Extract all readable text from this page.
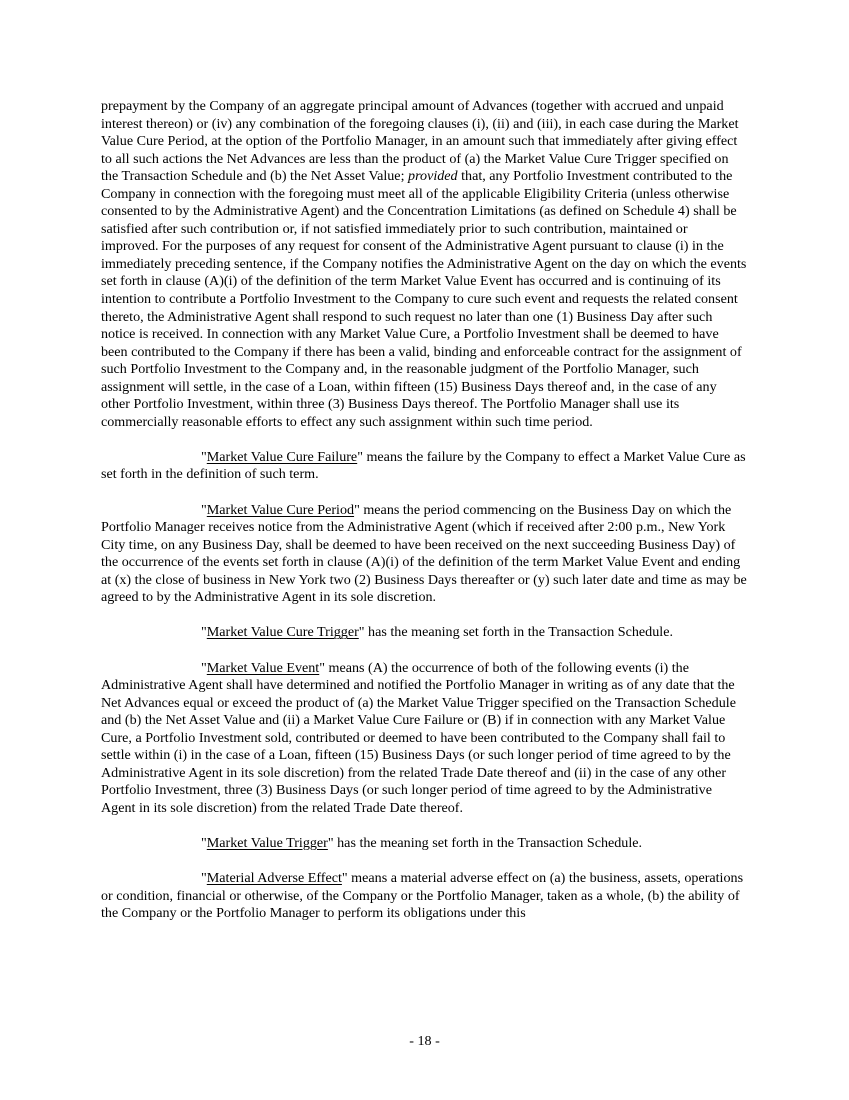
prepayment by the Company of an aggregate principal amount of Advances (together with accrued and unpaid interest thereon) or (iv) any combination of the foregoing clauses (i), (ii) and (iii), in each case during the Market Value Cure Period, at the option of the Portfolio Manager, in an amount such that immediately after giving effect to all such actions the Net Advances are less than the product of (a) the Market Value Cure Trigger specified on the Transaction Schedule and (b) the Net Asset Value; provided that, any Portfolio Investment contributed to the Company in connection with the foregoing must meet all of the applicable Eligibility Criteria (unless otherwise consented to by the Administrative Agent) and the Concentration Limitations (as defined on Schedule 4) shall be satisfied after such contribution or, if not satisfied immediately prior to such contribution, maintained or improved. For the purposes of any request for consent of the Administrative Agent pursuant to clause (i) in the immediately preceding sentence, if the Company notifies the Administrative Agent on the day on which the events set forth in clause (A)(i) of the definition of the term Market Value Event has occurred and is continuing of its intention to contribute a Portfolio Investment to the Company to cure such event and requests the related consent thereto, the Administrative Agent shall respond to such request no later than one (1) Business Day after such notice is received. In connection with any Market Value Cure, a Portfolio Investment shall be deemed to have been contributed to the Company if there has been a valid, binding and enforceable contract for the assignment of such Portfolio Investment to the Company and, in the reasonable judgment of the Portfolio Manager, such assignment will settle, in the case of a Loan, within fifteen (15) Business Days thereof and, in the case of any other Portfolio Investment, within three (3) Business Days thereof. The Portfolio Manager shall use its commercially reasonable efforts to effect any such assignment within such time period.

"Market Value Cure Failure" means the failure by the Company to effect a Market Value Cure as set forth in the definition of such term.

"Market Value Cure Period" means the period commencing on the Business Day on which the Portfolio Manager receives notice from the Administrative Agent (which if received after 2:00 p.m., New York City time, on any Business Day, shall be deemed to have been received on the next succeeding Business Day) of the occurrence of the events set forth in clause (A)(i) of the definition of the term Market Value Event and ending at (x) the close of business in New York two (2) Business Days thereafter or (y) such later date and time as may be agreed to by the Administrative Agent in its sole discretion.

"Market Value Cure Trigger" has the meaning set forth in the Transaction Schedule.

"Market Value Event" means (A) the occurrence of both of the following events (i) the Administrative Agent shall have determined and notified the Portfolio Manager in writing as of any date that the Net Advances equal or exceed the product of (a) the Market Value Trigger specified on the Transaction Schedule and (b) the Net Asset Value and (ii) a Market Value Cure Failure or (B) if in connection with any Market Value Cure, a Portfolio Investment sold, contributed or deemed to have been contributed to the Company shall fail to settle within (i) in the case of a Loan, fifteen (15) Business Days (or such longer period of time agreed to by the Administrative Agent in its sole discretion) from the related Trade Date thereof and (ii) in the case of any other Portfolio Investment, three (3) Business Days (or such longer period of time agreed to by the Administrative Agent in its sole discretion) from the related Trade Date thereof.

"Market Value Trigger" has the meaning set forth in the Transaction Schedule.

"Material Adverse Effect" means a material adverse effect on (a) the business, assets, operations or condition, financial or otherwise, of the Company or the Portfolio Manager, taken as a whole, (b) the ability of the Company or the Portfolio Manager to perform its obligations under this

- 18 -
